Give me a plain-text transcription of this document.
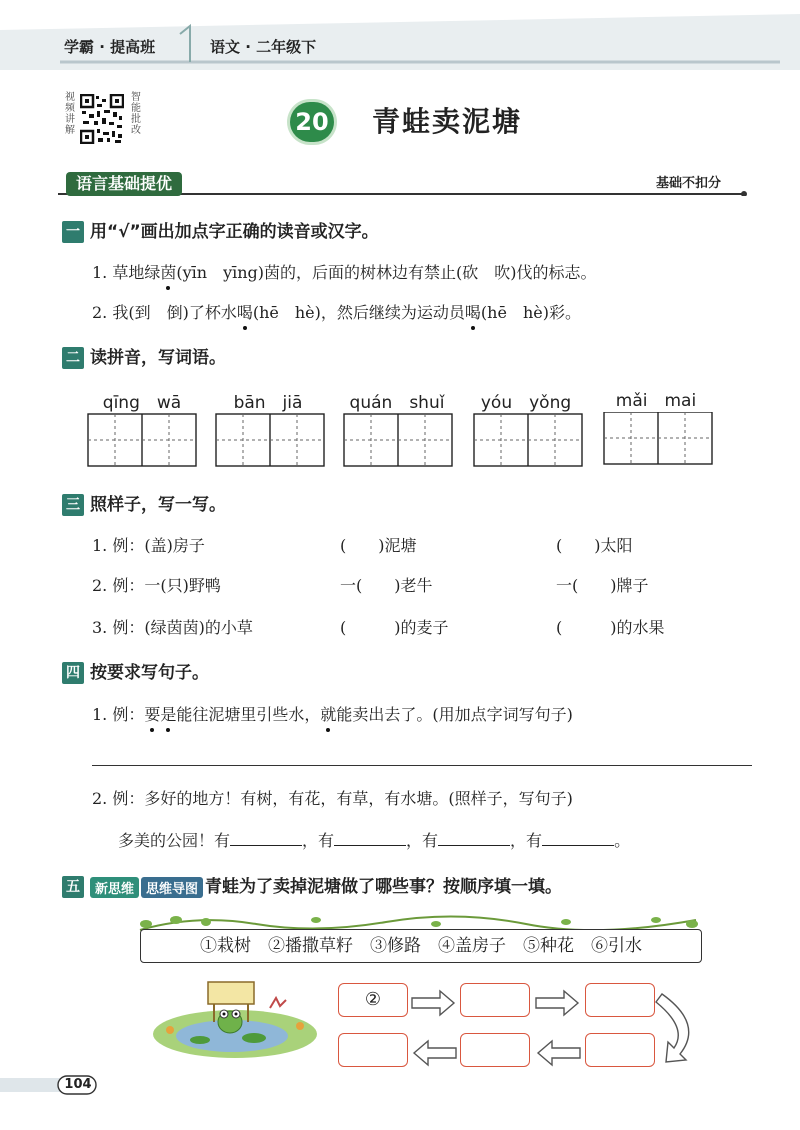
学霸 · 提高班	语文 · 二年级下
视频讲解
智能批改	20 青蛙卖泥塘
语言基础提优	基础不扣分
一 用“√”画出加点字正确的读音或汉字。
1. 草地绿茵(yīn　yīng)茵的，后面的树林边有禁止(砍　吹)伐的标志。
2. 我(到　倒)了杯水喝(hē　hè)，然后继续为运动员喝(hē　hè)彩。
二 读拼音，写词语。
qīng　 wā	bān　 jiā	quán　 shuǐ	yóu　 yǒng	mǎi　 mai
三 照样子，写一写。
1. 例：(盖)房子	(　　)泥塘	(　　)太阳
2. 例：一(只)野鸭	一(　　)老牛	一(　　)牌子
3. 例：(绿茵茵)的小草	(　　　)的麦子	(　　　)的水果
四 按要求写句子。
1. 例：要是能往泥塘里引些水，就能卖出去了。(用加点字词写句子)
2. 例：多好的地方！有树，有花，有草，有水塘。(照样子，写句子)
多美的公园！有	，有	，有	，有	。
五 新思维 思维导图 青蛙为了卖掉泥塘做了哪些事？按顺序填一填。
①栽树　②播撒草籽　③修路　④盖房子　⑤种花　⑥引水
②
104
